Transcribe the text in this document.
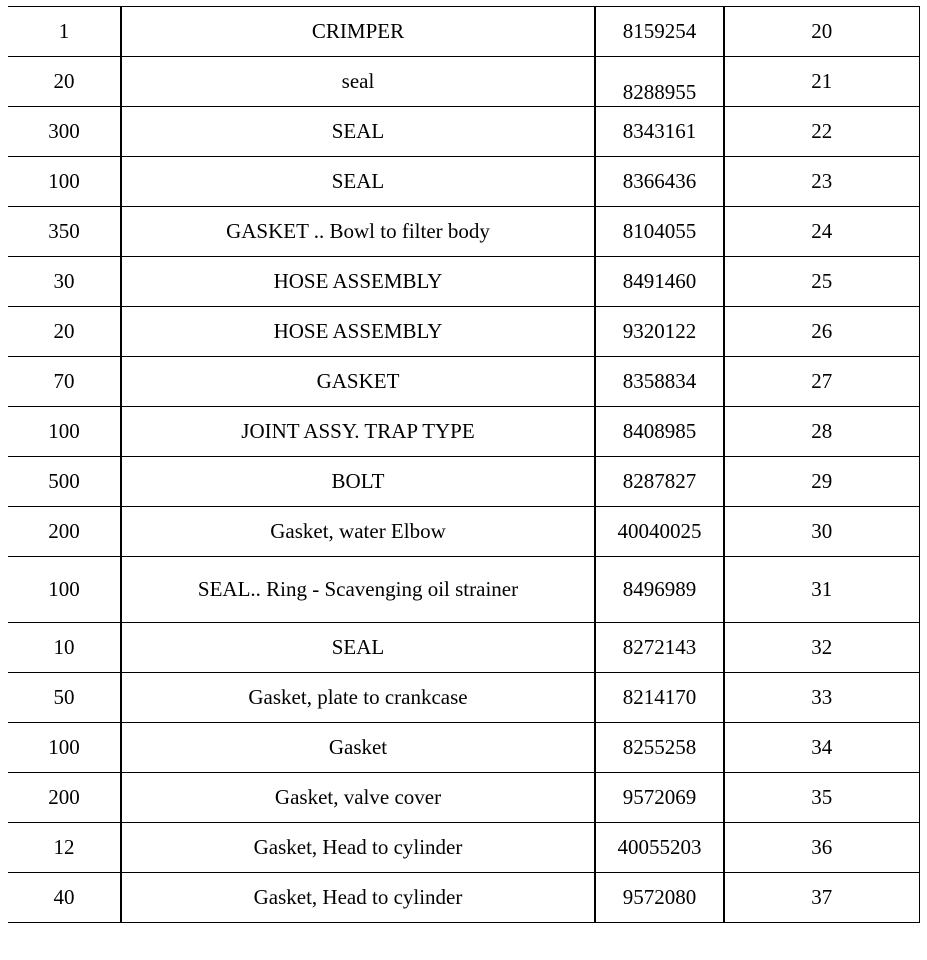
1	CRIMPER	8159254	20
20	seal	8288955	21
300	SEAL	8343161	22
100	SEAL	8366436	23
350	GASKET .. Bowl to filter body	8104055	24
30	HOSE ASSEMBLY	8491460	25
20	HOSE ASSEMBLY	9320122	26
70	GASKET	8358834	27
100	JOINT ASSY. TRAP TYPE	8408985	28
500	BOLT	8287827	29
200	Gasket, water Elbow	40040025	30
100	SEAL.. Ring - Scavenging oil strainer	8496989	31
10	SEAL	8272143	32
50	Gasket, plate to crankcase	8214170	33
100	Gasket	8255258	34
200	Gasket, valve cover	9572069	35
12	Gasket, Head to cylinder	40055203	36
40	Gasket, Head to cylinder	9572080	37
